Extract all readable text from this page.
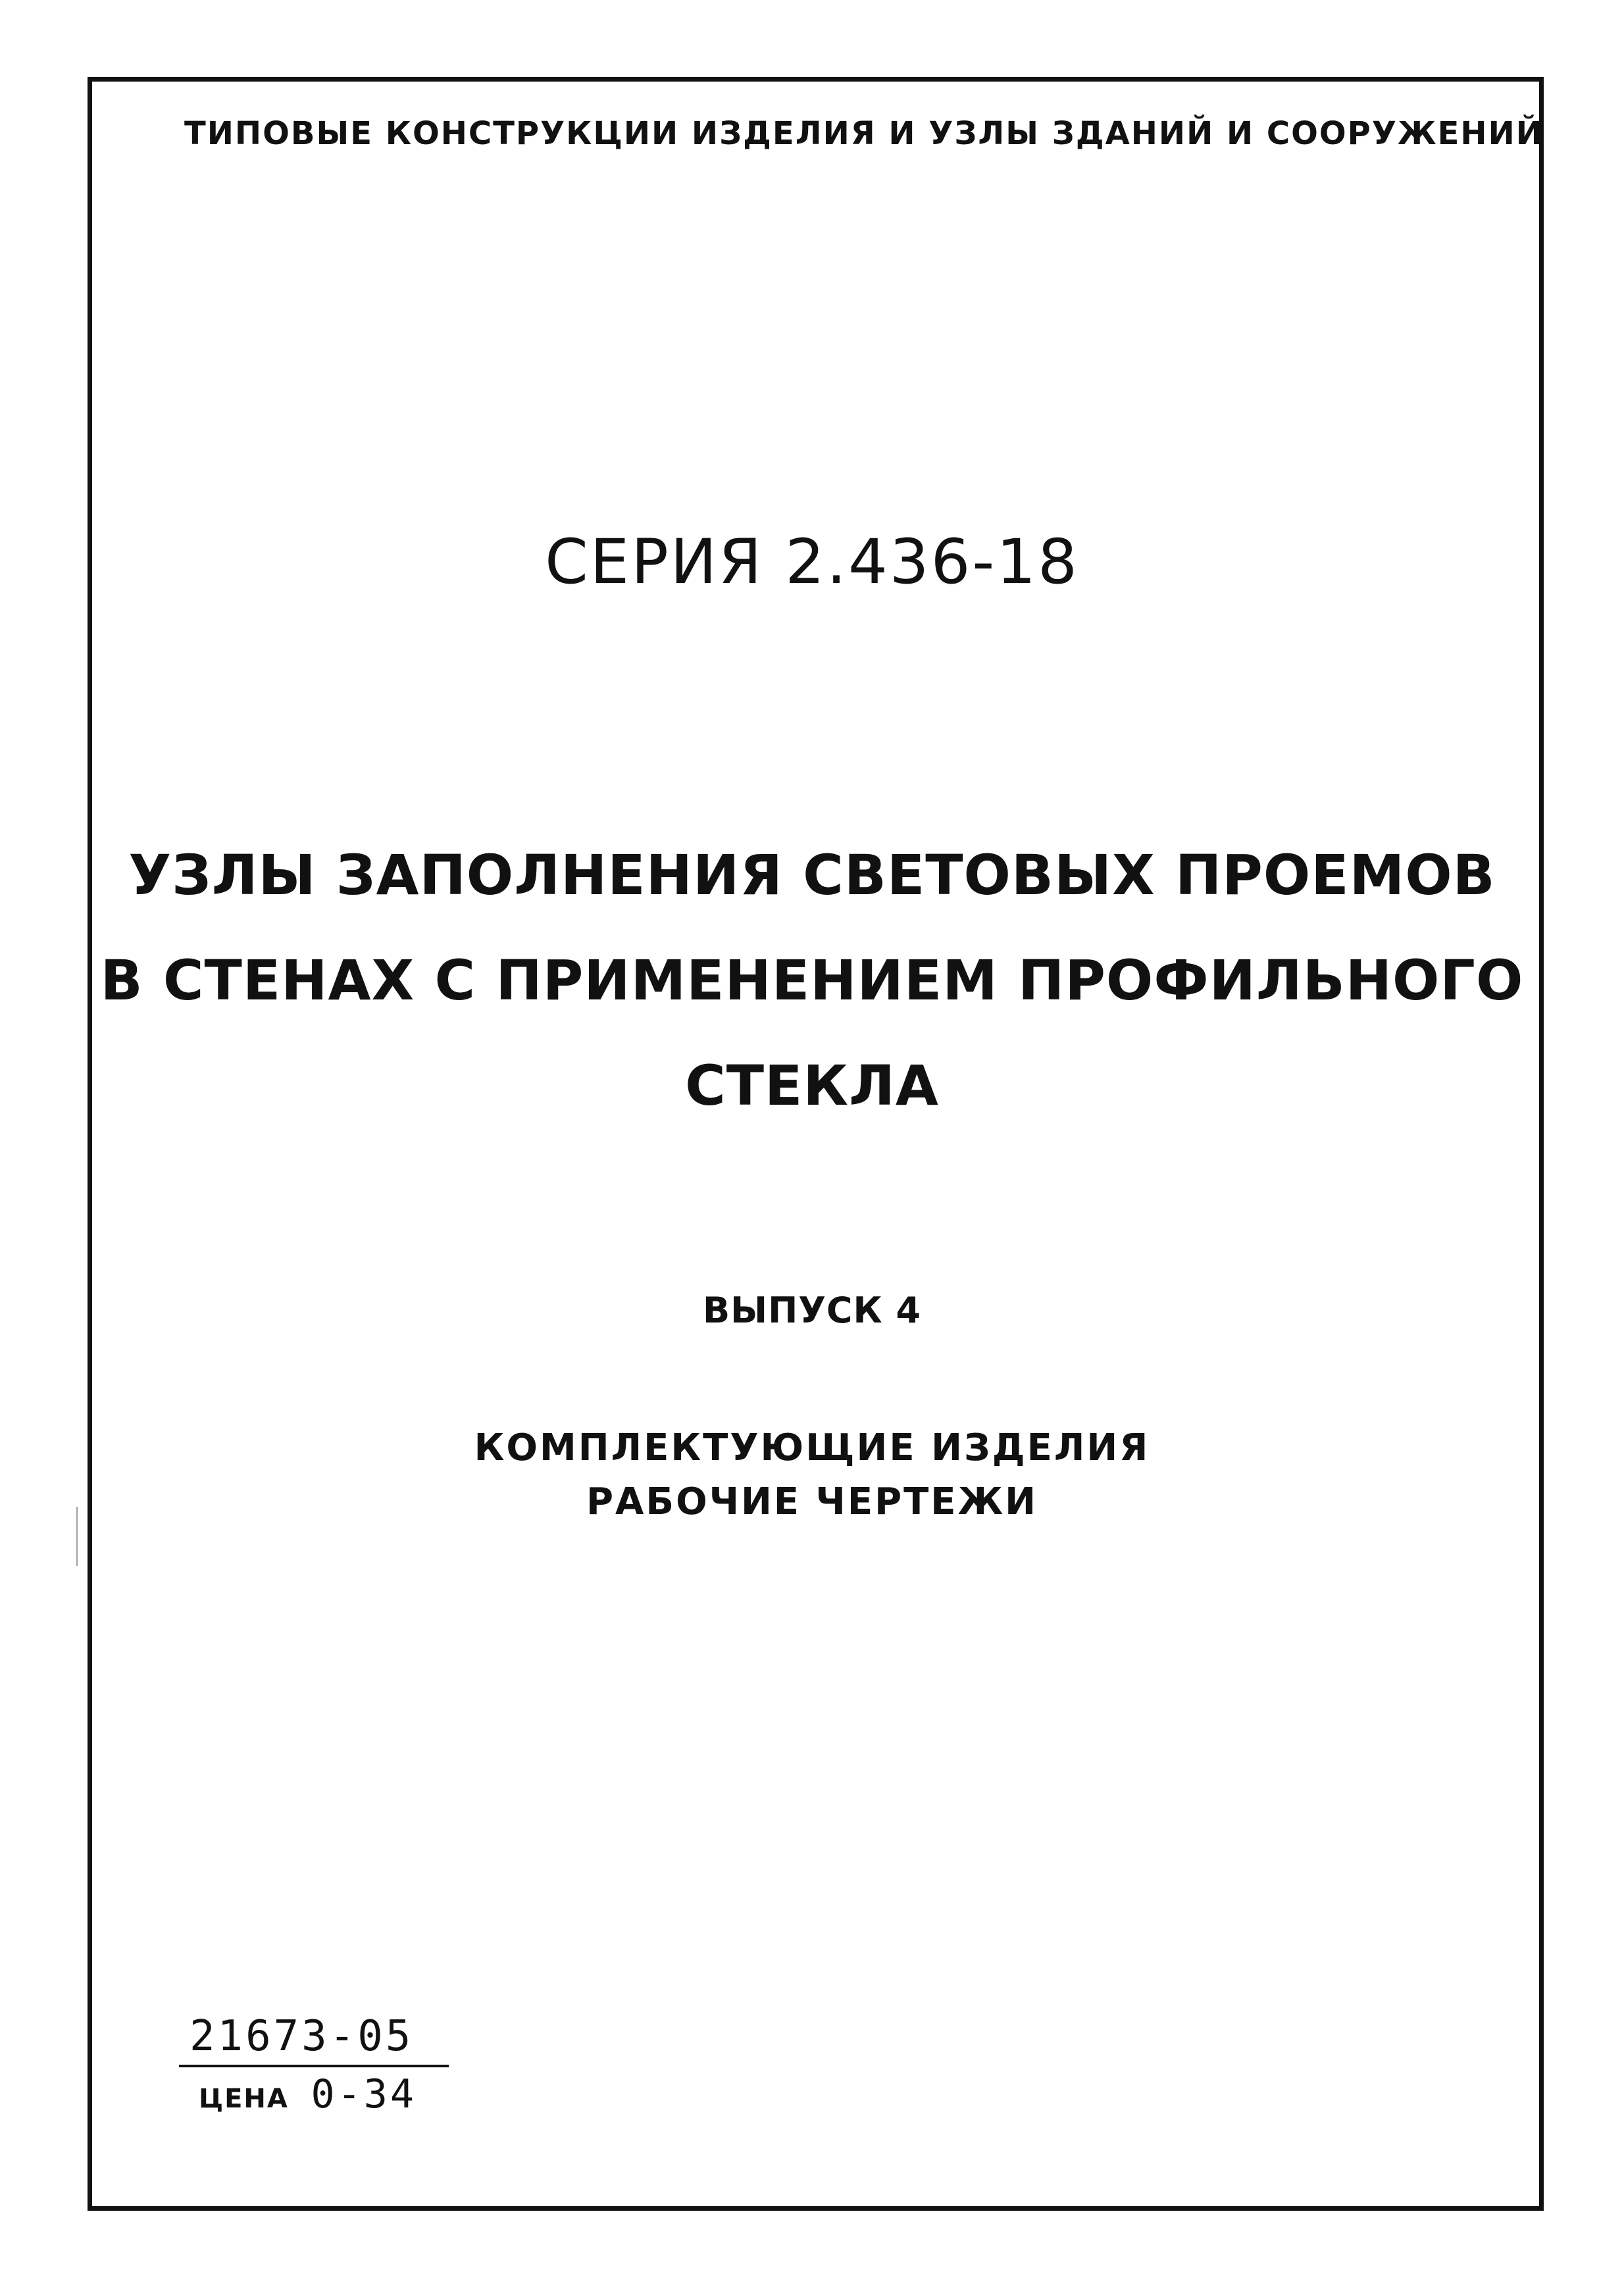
ТИПОВЫЕ КОНСТРУКЦИИ ИЗДЕЛИЯ И УЗЛЫ ЗДАНИЙ И СООРУЖЕНИЙ
СЕРИЯ 2.436-18
УЗЛЫ ЗАПОЛНЕНИЯ СВЕТОВЫХ ПРОЕМОВ
В СТЕНАХ С ПРИМЕНЕНИЕМ ПРОФИЛЬНОГО
СТЕКЛА
ВЫПУСК 4
КОМПЛЕКТУЮЩИЕ ИЗДЕЛИЯ
РАБОЧИЕ ЧЕРТЕЖИ
21673-05
ЦЕНА 0-34
